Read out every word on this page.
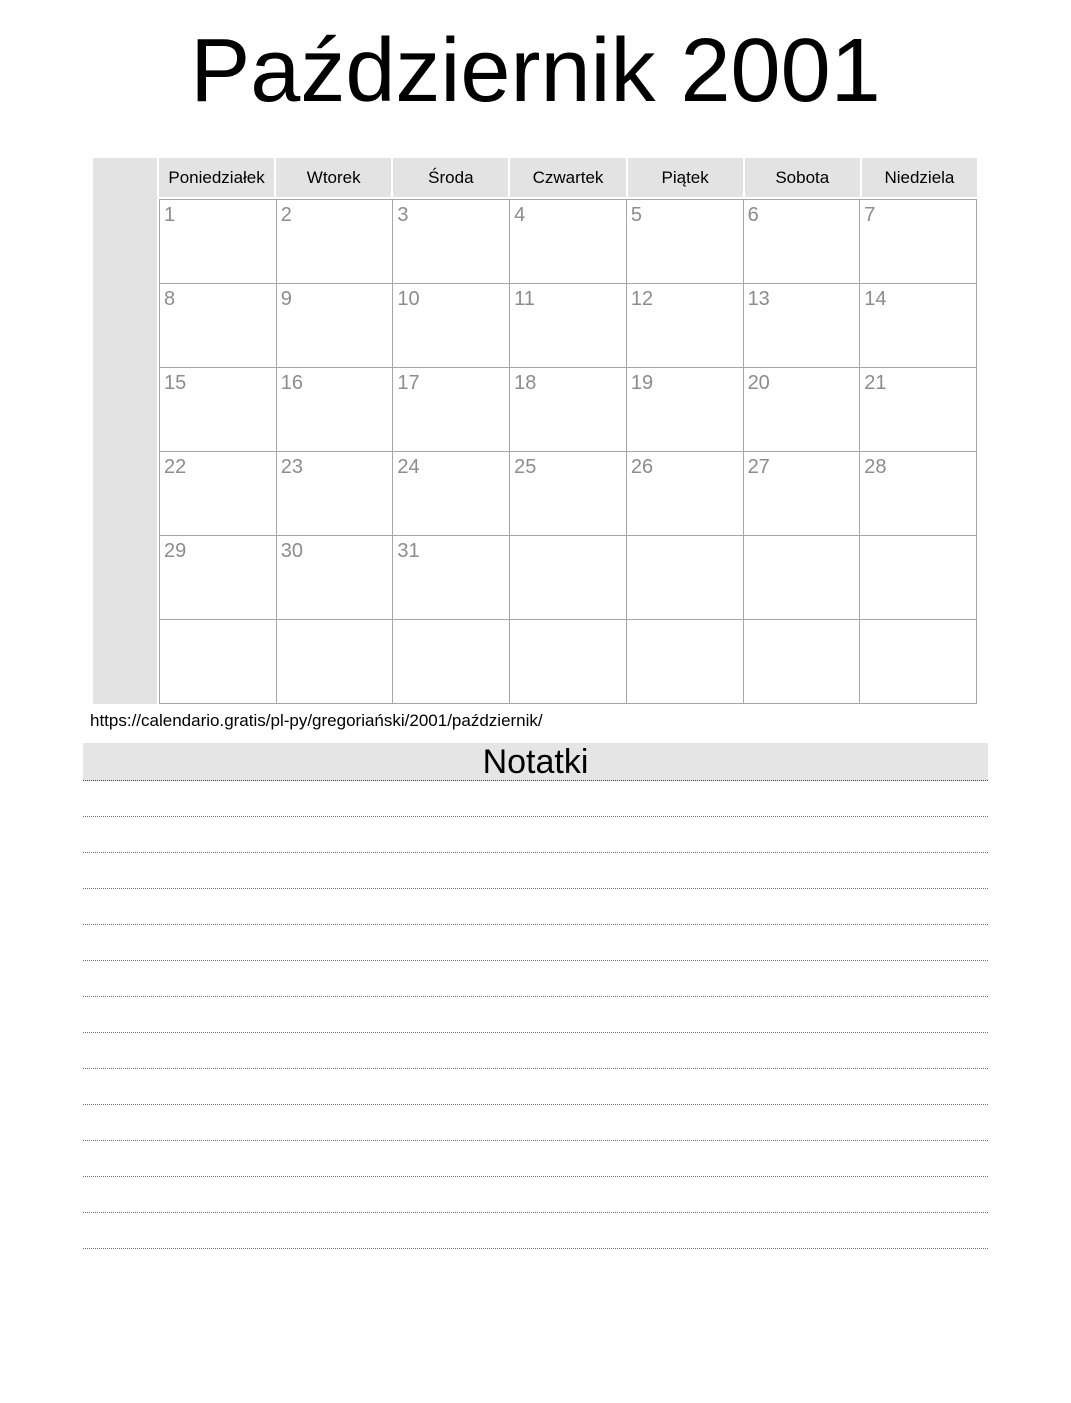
Październik 2001
Poniedziałek	Wtorek	Środa	Czwartek	Piątek	Sobota	Niedziela
1	2	3	4	5	6	7
8	9	10	11	12	13	14
15	16	17	18	19	20	21
22	23	24	25	26	27	28
29	30	31
https://calendario.gratis/pl-py/gregoriański/2001/październik/
Notatki
